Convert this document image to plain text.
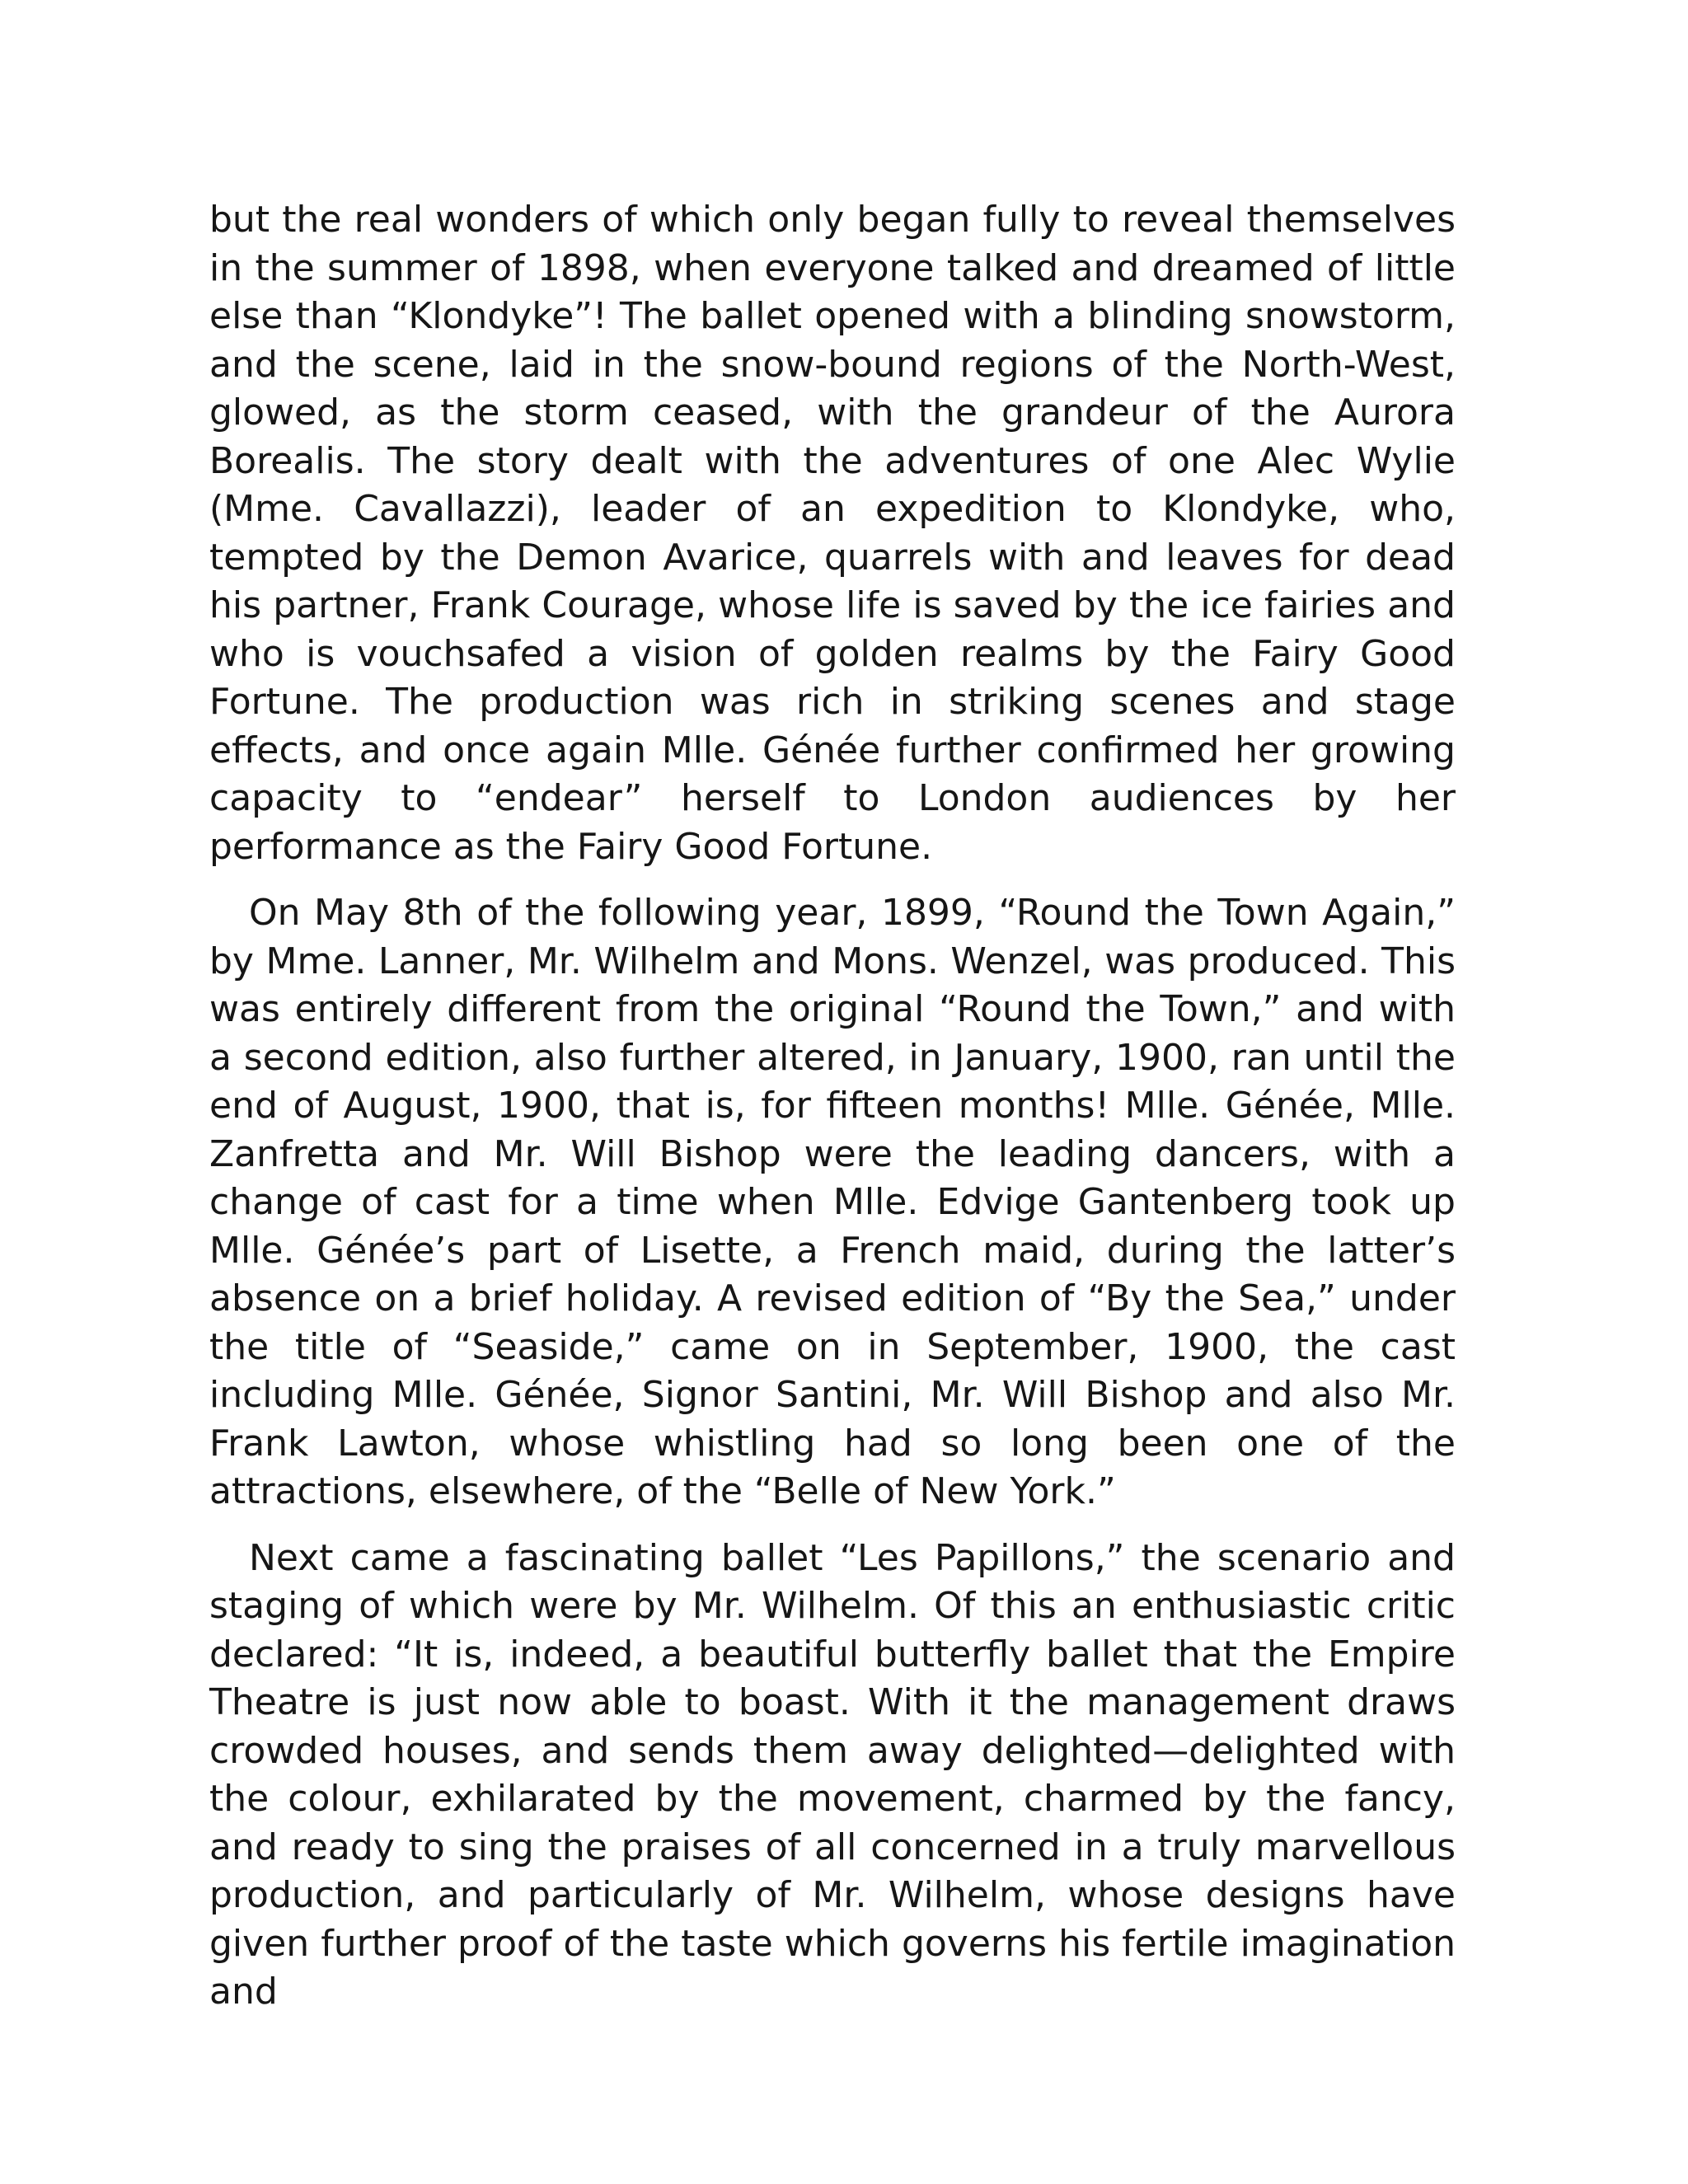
but the real wonders of which only began fully to reveal themselves in the summer of 1898, when everyone talked and dreamed of little else than “Klondyke”! The ballet opened with a blinding snowstorm, and the scene, laid in the snow-bound regions of the North-West, glowed, as the storm ceased, with the grandeur of the Aurora Borealis. The story dealt with the adventures of one Alec Wylie (Mme. Cavallazzi), leader of an expedition to Klondyke, who, tempted by the Demon Avarice, quarrels with and leaves for dead his partner, Frank Courage, whose life is saved by the ice fairies and who is vouchsafed a vision of golden realms by the Fairy Good Fortune. The production was rich in striking scenes and stage effects, and once again Mlle. Génée further confirmed her growing capacity to “endear” herself to London audiences by her performance as the Fairy Good Fortune.

On May 8th of the following year, 1899, “Round the Town Again,” by Mme. Lanner, Mr. Wilhelm and Mons. Wenzel, was produced. This was entirely different from the original “Round the Town,” and with a second edition, also further altered, in January, 1900, ran until the end of August, 1900, that is, for fifteen months! Mlle. Génée, Mlle. Zanfretta and Mr. Will Bishop were the leading dancers, with a change of cast for a time when Mlle. Edvige Gantenberg took up Mlle. Génée’s part of Lisette, a French maid, during the latter’s absence on a brief holiday. A revised edition of “By the Sea,” under the title of “Seaside,” came on in September, 1900, the cast including Mlle. Génée, Signor Santini, Mr. Will Bishop and also Mr. Frank Lawton, whose whistling had so long been one of the attractions, elsewhere, of the “Belle of New York.”

Next came a fascinating ballet “Les Papillons,” the scenario and staging of which were by Mr. Wilhelm. Of this an enthusiastic critic declared: “It is, indeed, a beautiful butterfly ballet that the Empire Theatre is just now able to boast. With it the management draws crowded houses, and sends them away delighted—delighted with the colour, exhilarated by the movement, charmed by the fancy, and ready to sing the praises of all concerned in a truly marvellous production, and particularly of Mr. Wilhelm, whose designs have given further proof of the taste which governs his fertile imagination and
